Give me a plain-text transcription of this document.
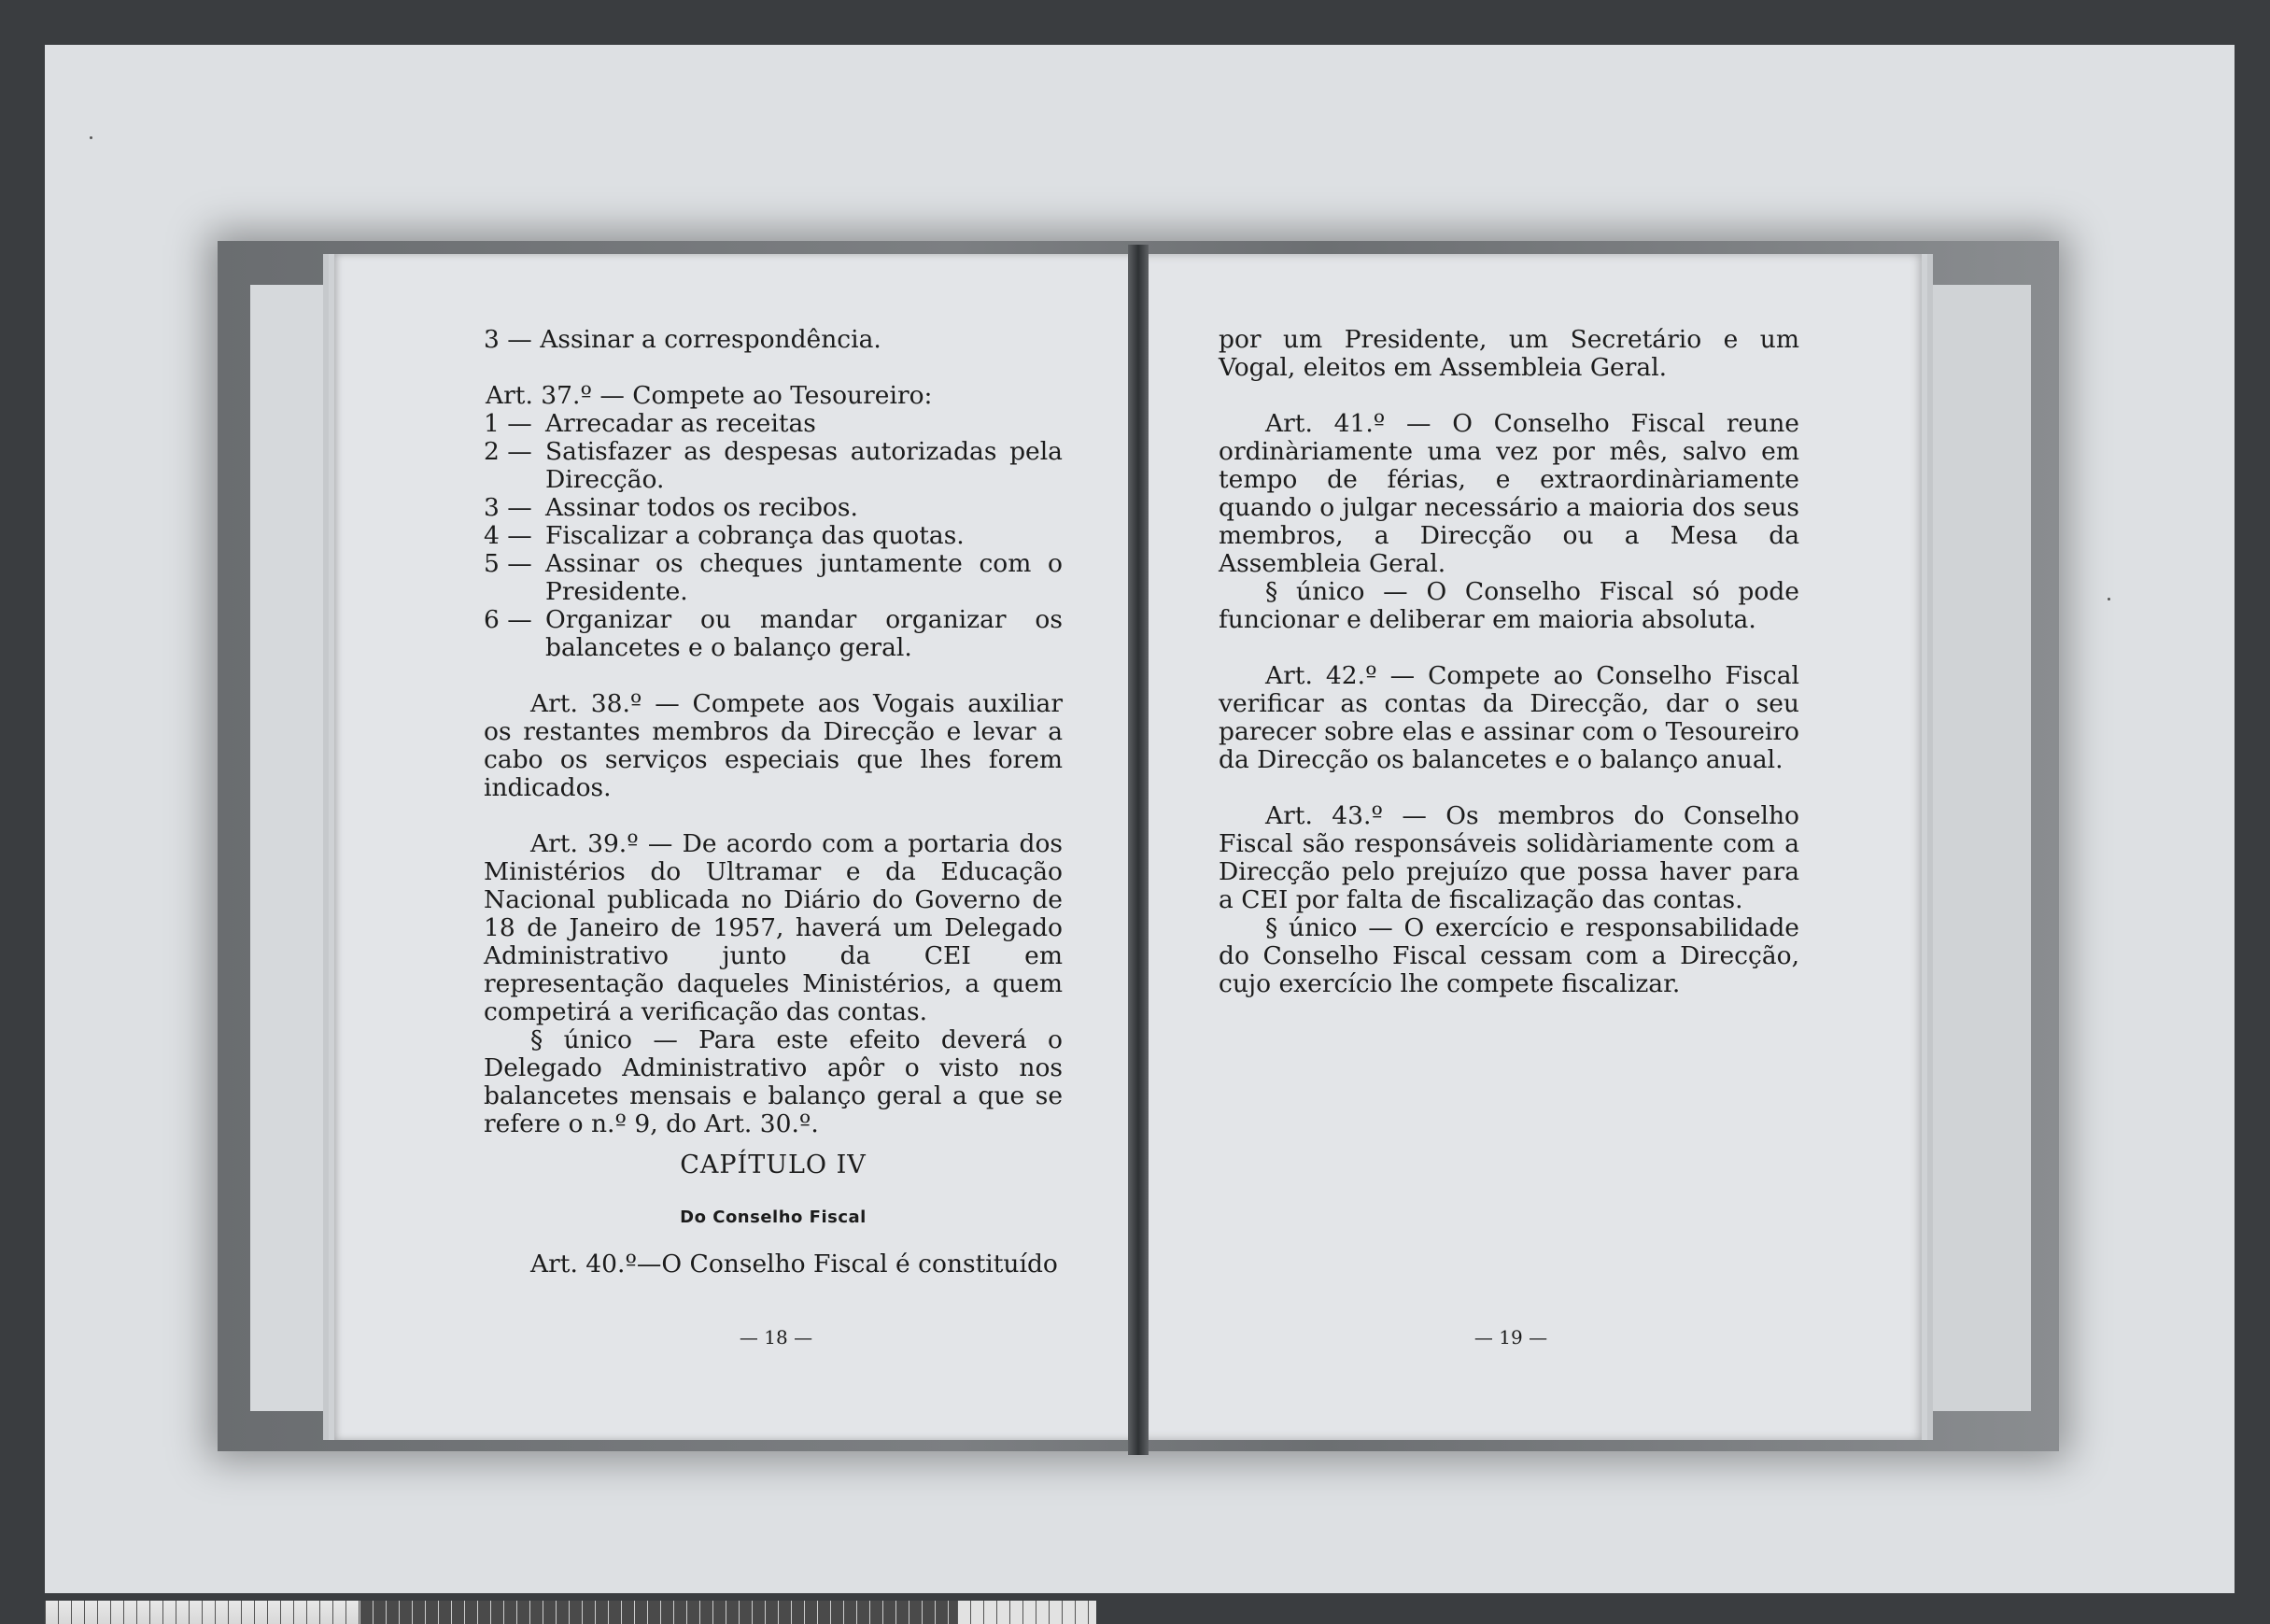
3 — Assinar a correspondência.

Art. 37.º — Compete ao Tesoureiro:

1 — Arrecadar as receitas
2 — Satisfazer as despesas autorizadas pela Direcção.
3 — Assinar todos os recibos.
4 — Fiscalizar a cobrança das quotas.
5 — Assinar os cheques juntamente com o Presidente.
6 — Organizar ou mandar organizar os balancetes e o balanço geral.

Art. 38.º — Compete aos Vogais auxiliar os restantes membros da Direcção e levar a cabo os serviços especiais que lhes forem indicados.

Art. 39.º — De acordo com a portaria dos Ministérios do Ultramar e da Educação Nacional publicada no Diário do Governo de 18 de Janeiro de 1957, haverá um Delegado Administrativo junto da CEI em representação daqueles Ministérios, a quem competirá a verificação das contas.

§ único — Para este efeito deverá o Delegado Administrativo apôr o visto nos balancetes mensais e balanço geral a que se refere o n.º 9, do Art. 30.º.

CAPÍTULO IV

Do Conselho Fiscal

Art. 40.º—O Conselho Fiscal é constituído

— 18 —

por um Presidente, um Secretário e um Vogal, eleitos em Assembleia Geral.

Art. 41.º — O Conselho Fiscal reune ordinàriamente uma vez por mês, salvo em tempo de férias, e extraordinàriamente quando o julgar necessário a maioria dos seus membros, a Direcção ou a Mesa da Assembleia Geral.

§ único — O Conselho Fiscal só pode funcionar e deliberar em maioria absoluta.

Art. 42.º — Compete ao Conselho Fiscal verificar as contas da Direcção, dar o seu parecer sobre elas e assinar com o Tesoureiro da Direcção os balancetes e o balanço anual.

Art. 43.º — Os membros do Conselho Fiscal são responsáveis solidàriamente com a Direcção pelo prejuízo que possa haver para a CEI por falta de fiscalização das contas.

§ único — O exercício e responsabilidade do Conselho Fiscal cessam com a Direcção, cujo exercício lhe compete fiscalizar.

— 19 —
